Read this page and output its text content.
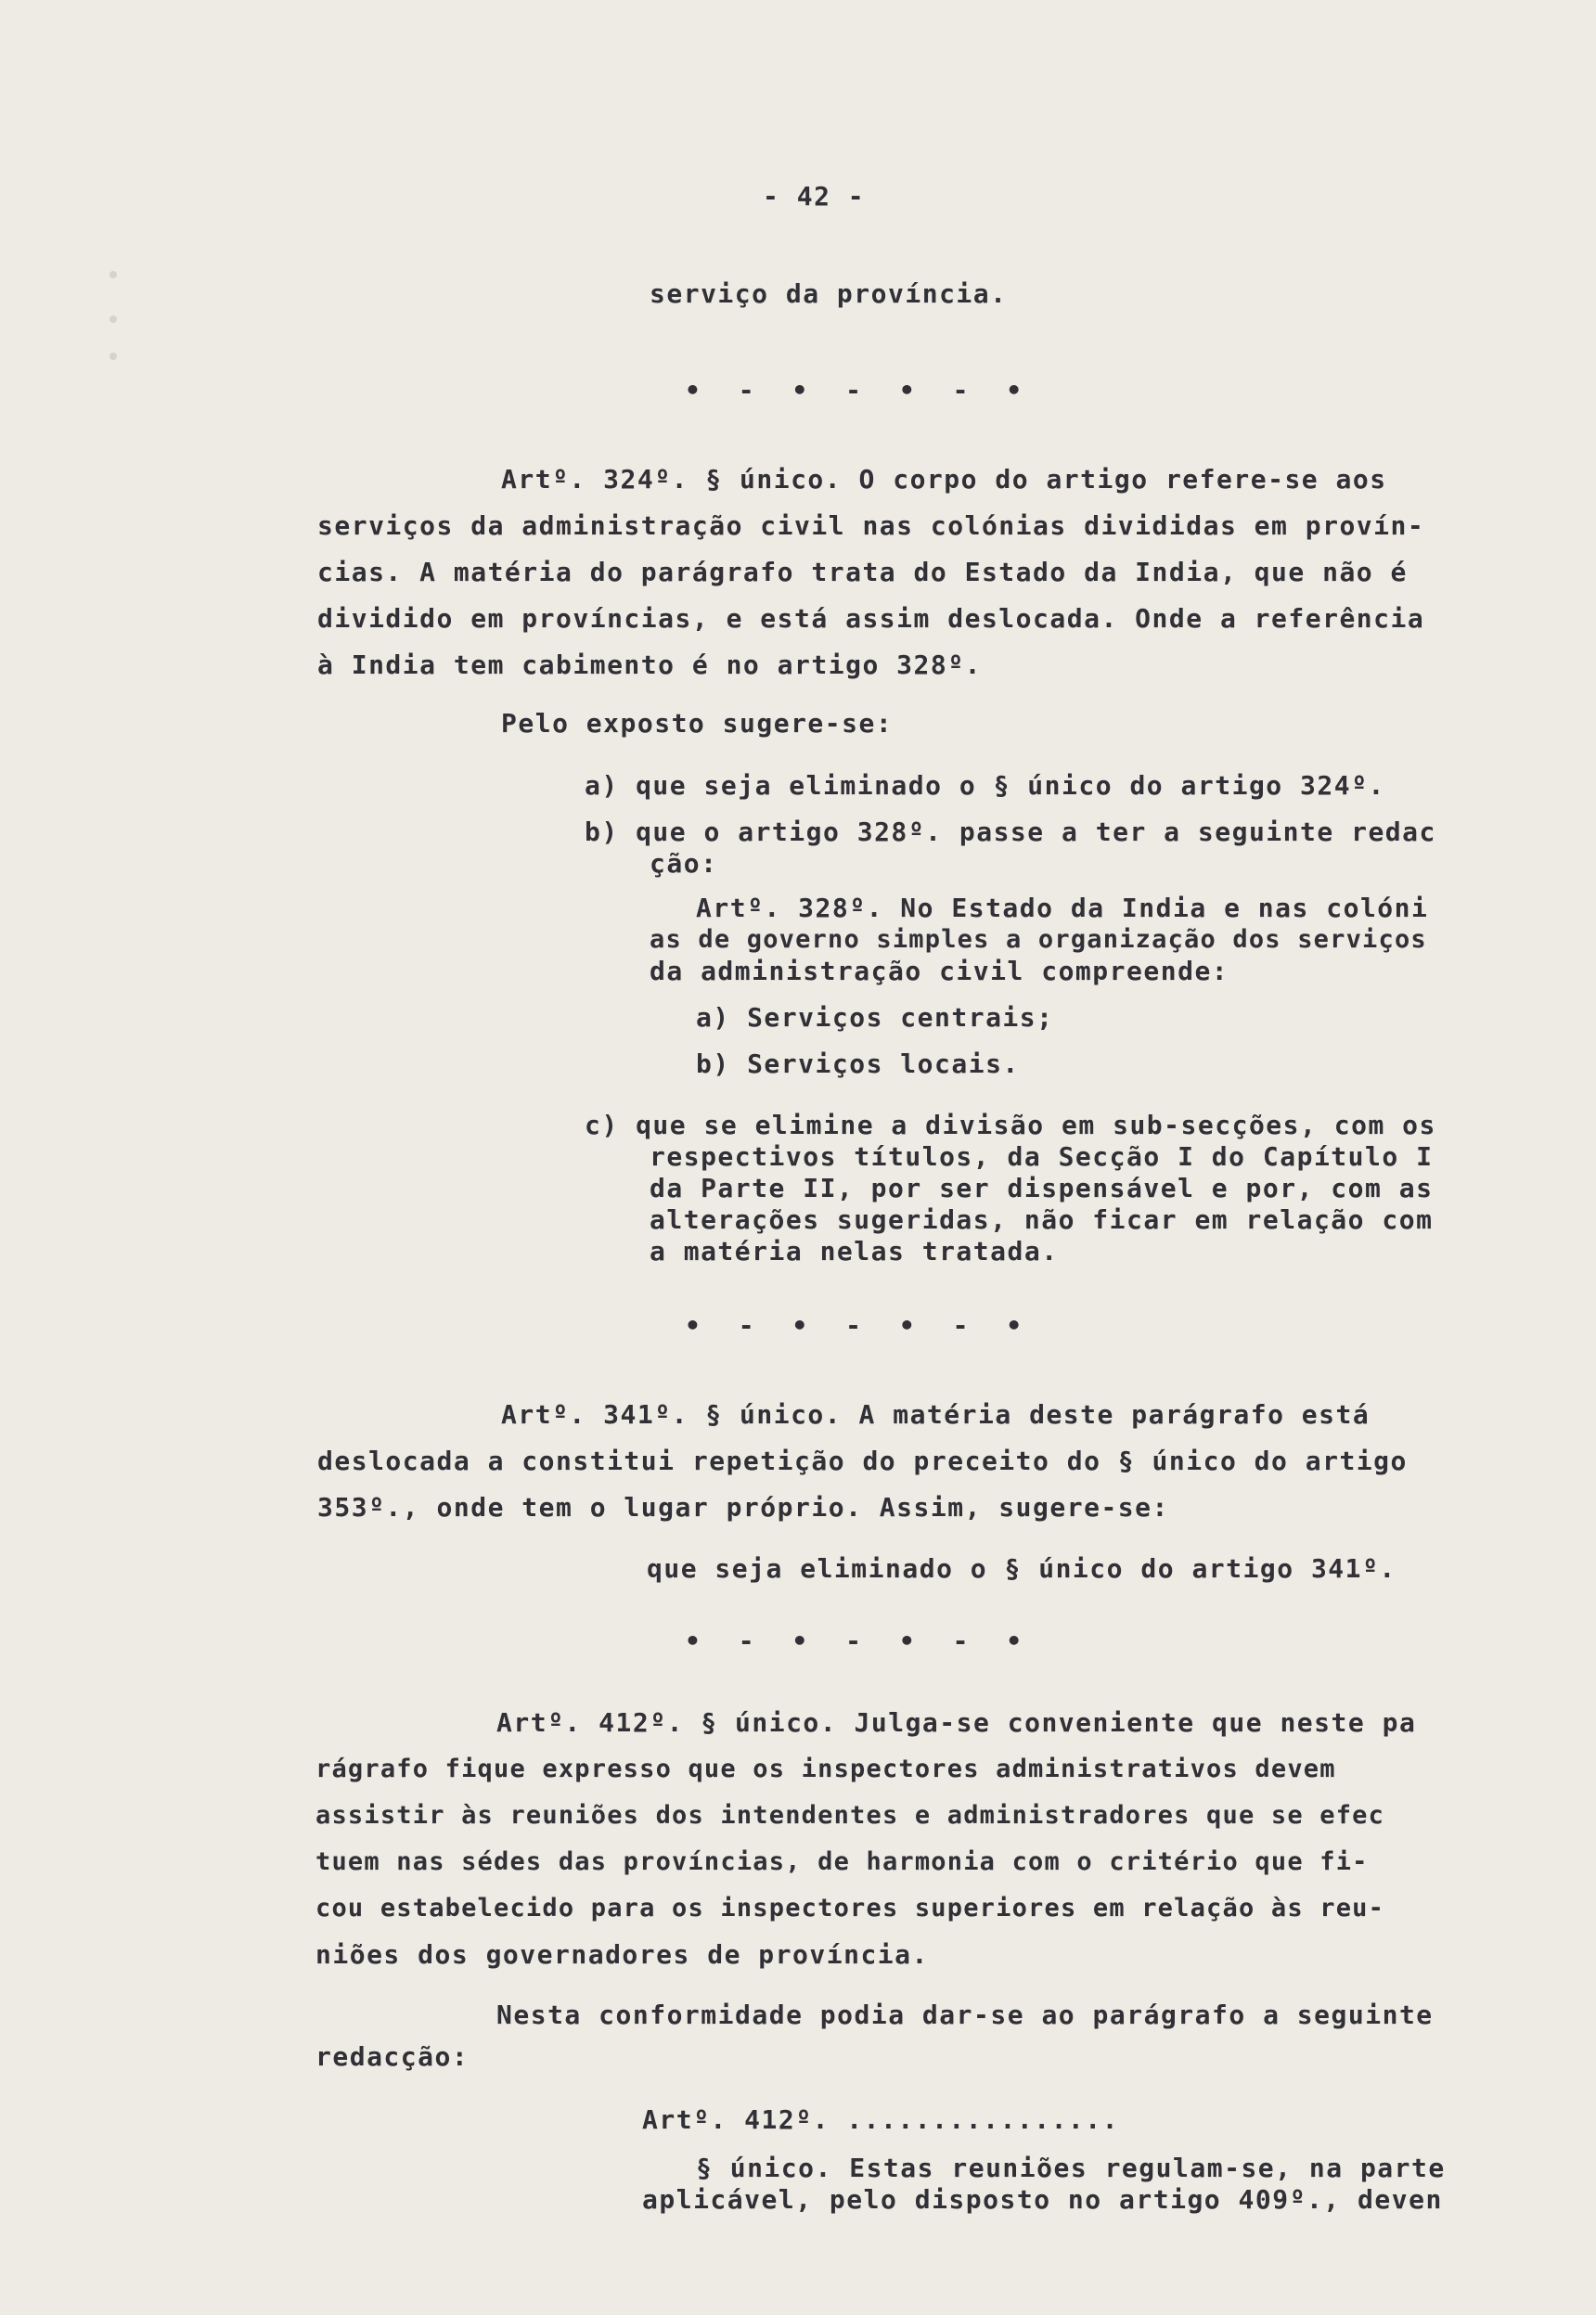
- 42 -

serviço da província.

• - • - • - •

Artº. 324º. § único. O corpo do artigo refere-se aos

serviços da administração civil nas colónias divididas em provín-

cias. A matéria do parágrafo trata do Estado da India, que não é

dividido em províncias, e está assim deslocada. Onde a referência

à India tem cabimento é no artigo 328º.

Pelo exposto sugere-se:

a) que seja eliminado o § único do artigo 324º.

b) que o artigo 328º. passe a ter a seguinte redac

ção:

Artº. 328º. No Estado da India e nas colóni

as de governo simples a organização dos serviços

da administração civil compreende:

a) Serviços centrais;

b) Serviços locais.

c) que se elimine a divisão em sub-secções, com os

respectivos títulos, da Secção I do Capítulo I

da Parte II, por ser dispensável e por, com as

alterações sugeridas, não ficar em relação com

a matéria nelas tratada.

• - • - • - •

Artº. 341º. § único. A matéria deste parágrafo está

deslocada a constitui repetição do preceito do § único do artigo

353º., onde tem o lugar próprio. Assim, sugere-se:

que seja eliminado o § único do artigo 341º.

• - • - • - •

Artº. 412º. § único. Julga-se conveniente que neste pa

rágrafo fique expresso que os inspectores administrativos devem

assistir às reuniões dos intendentes e administradores que se efec

tuem nas sédes das províncias, de harmonia com o critério que fi-

cou estabelecido para os inspectores superiores em relação às reu-

niões dos governadores de província.

Nesta conformidade podia dar-se ao parágrafo a seguinte

redacção:

Artº. 412º. ................

§ único. Estas reuniões regulam-se, na parte

aplicável, pelo disposto no artigo 409º., deven
